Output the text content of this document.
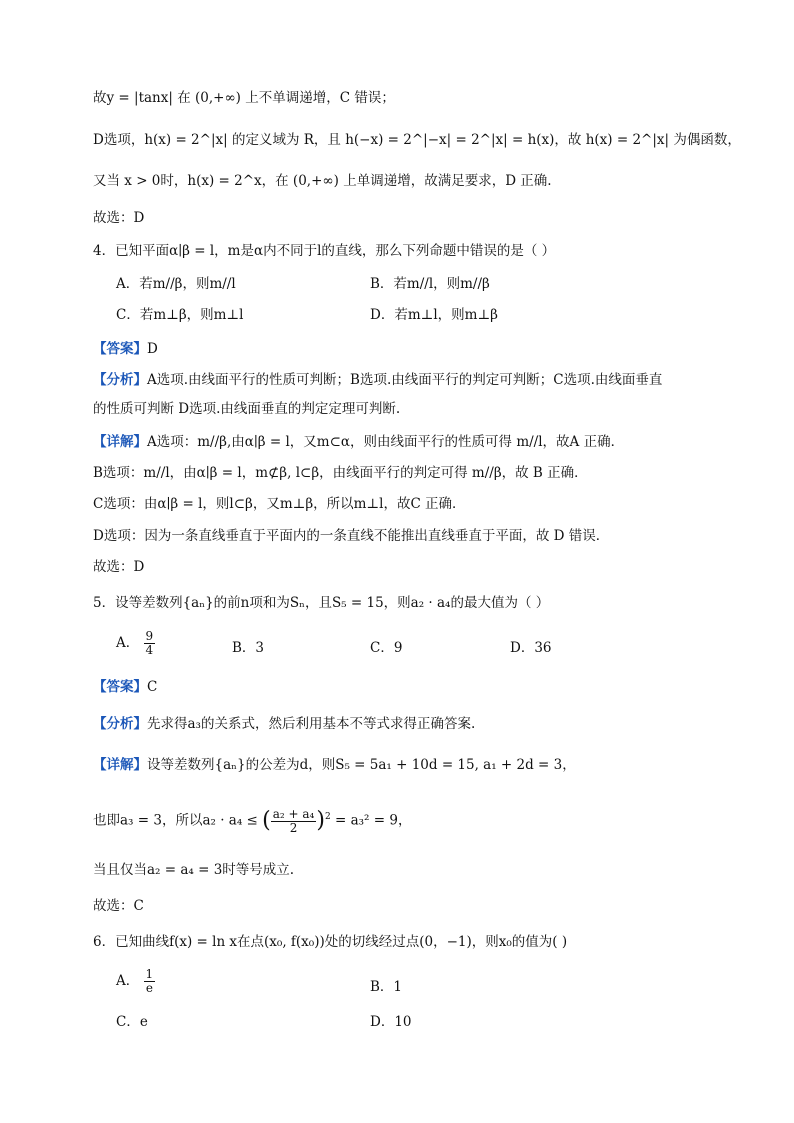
故y = |tanx| 在 (0,+∞) 上不单调递增，C 错误；
D选项，h(x) = 2^|x| 的定义域为 R，且 h(−x) = 2^|−x| = 2^|x| = h(x)，故 h(x) = 2^|x| 为偶函数，
又当 x > 0时，h(x) = 2^x，在 (0,+∞) 上单调递增，故满足要求，D 正确.
故选：D
4．已知平面α∣β = l，m是α内不同于l的直线，那么下列命题中错误的是（ ）
A．若m//β，则m//l	B．若m//l，则m//β
C．若m⊥β，则m⊥l	D．若m⊥l，则m⊥β
【答案】D
【分析】A选项.由线面平行的性质可判断；B选项.由线面平行的判定可判断；C选项.由线面垂直
的性质可判断 D选项.由线面垂直的判定定理可判断.
【详解】A选项：m//β,由α∣β = l，又m⊂α，则由线面平行的性质可得 m//l，故A 正确．
B选项：m//l，由α∣β = l，m⊄β, l⊂β，由线面平行的判定可得 m//β，故 B 正确．
C选项：由α∣β = l，则l⊂β，又m⊥β，所以m⊥l，故C 正确．
D选项：因为一条直线垂直于平面内的一条直线不能推出直线垂直于平面，故 D 错误．
故选：D
5．设等差数列{aₙ}的前n项和为Sₙ，且S₅ = 15，则a₂ · a₄的最大值为（ ）
A． $\frac{9}{4}$	B．3	C．9	D．36
【答案】C
【分析】先求得a₃的关系式，然后利用基本不等式求得正确答案.
【详解】设等差数列{aₙ}的公差为d，则S₅ = 5a₁ + 10d = 15, a₁ + 2d = 3，
也即a₃ = 3，所以a₂ · a₄ ≤ ( $\frac{\text{a₂ + a₄}}{2} )^2 = a_3^2 = 9$，
当且仅当a₂ = a₄ = 3时等号成立.
故选：C
6．已知曲线f(x) = ln x在点(x₀, f(x₀))处的切线经过点(0，−1)，则x₀的值为( )
A． $\frac{1}{e}$	B．1
C．e	D．10
